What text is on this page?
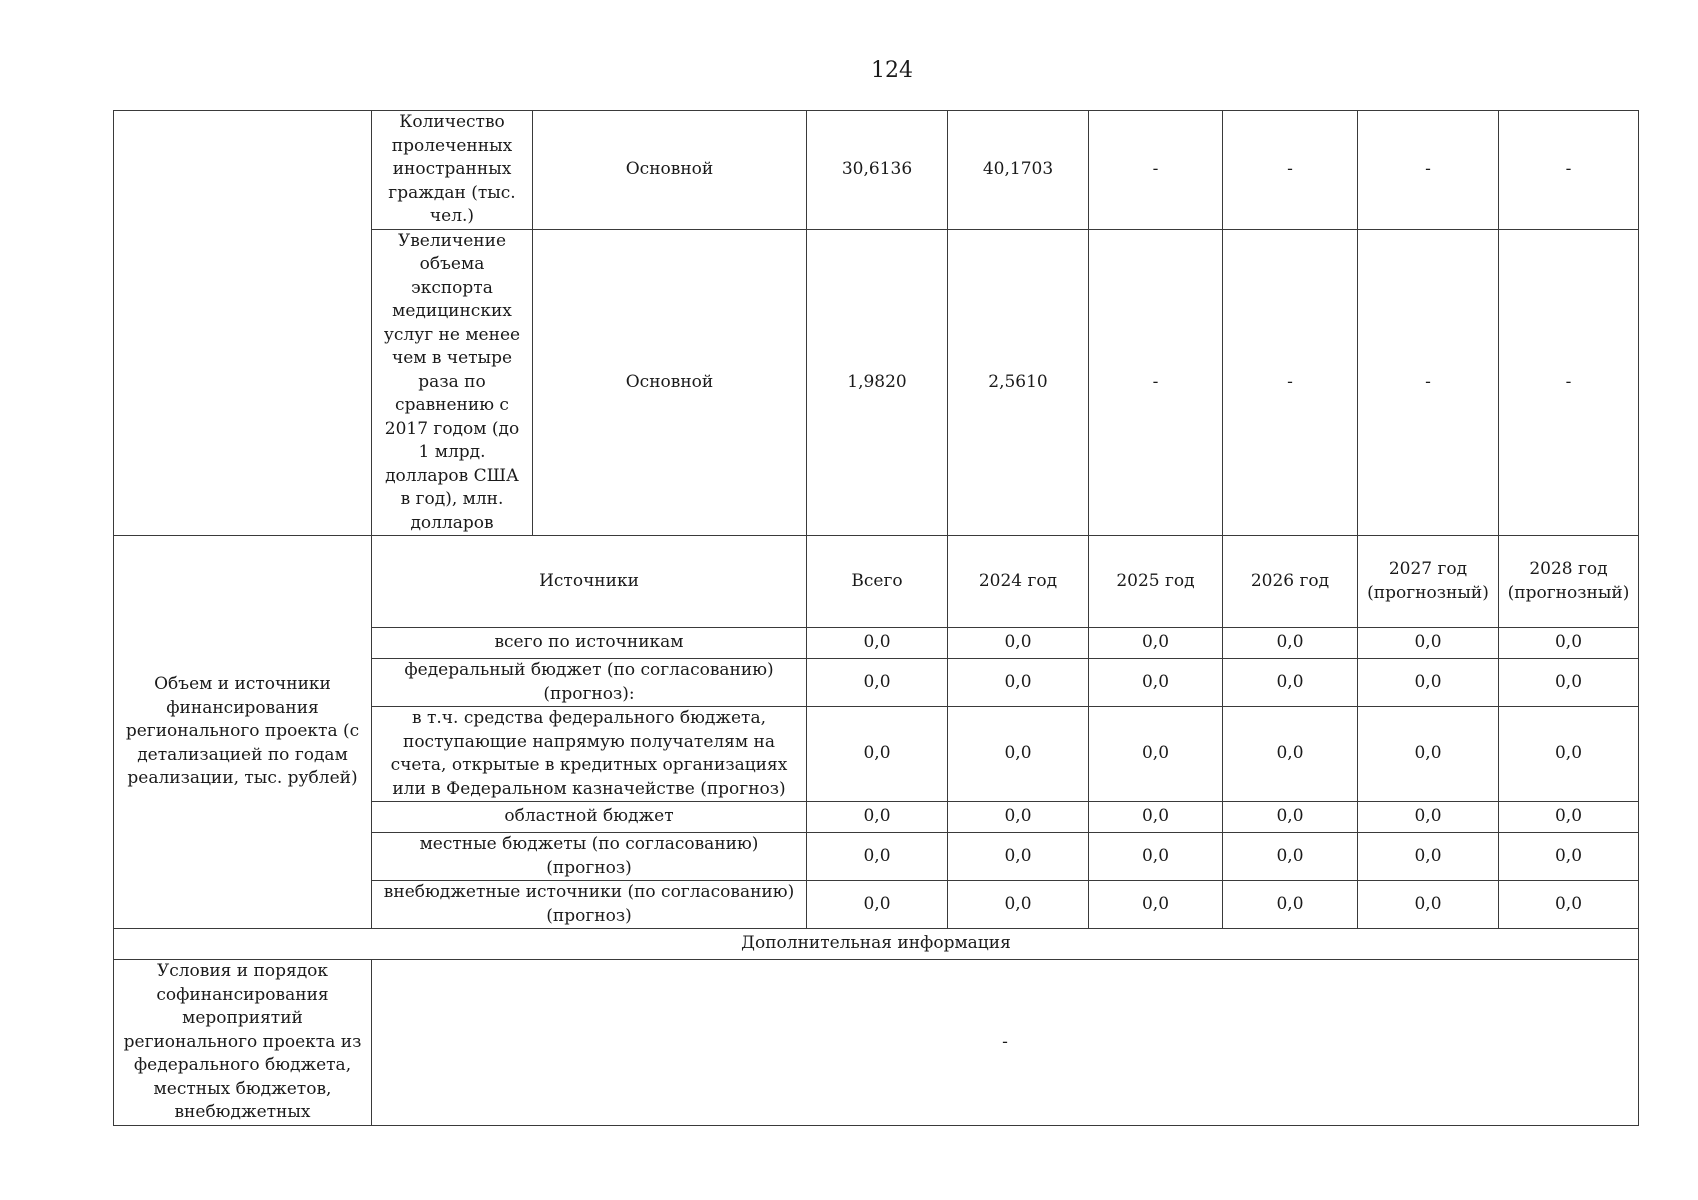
124
	Количество пролеченных иностранных граждан (тыс. чел.)	Основной	30,6136	40,1703	-	-	-	-
	Увеличение объема экспорта медицинских услуг не менее чем в четыре раза по сравнению с 2017 годом (до 1 млрд. долларов США в год), млн. долларов	Основной	1,9820	2,5610	-	-	-	-
Объем и источники финансирования регионального проекта (с детализацией по годам реализации, тыс. рублей)	Источники		Всего	2024 год	2025 год	2026 год	2027 год (прогнозный)	2028 год (прогнозный)
	всего по источникам		0,0	0,0	0,0	0,0	0,0	0,0
	федеральный бюджет (по согласованию) (прогноз):		0,0	0,0	0,0	0,0	0,0	0,0
	в т.ч. средства федерального бюджета, поступающие напрямую получателям на счета, открытые в кредитных организациях или в Федеральном казначействе (прогноз)		0,0	0,0	0,0	0,0	0,0	0,0
	областной бюджет		0,0	0,0	0,0	0,0	0,0	0,0
	местные бюджеты (по согласованию) (прогноз)		0,0	0,0	0,0	0,0	0,0	0,0
	внебюджетные источники (по согласованию) (прогноз)		0,0	0,0	0,0	0,0	0,0	0,0
Дополнительная информация								
Условия и порядок софинансирования мероприятий регионального проекта из федерального бюджета, местных бюджетов, внебюджетных	-							
